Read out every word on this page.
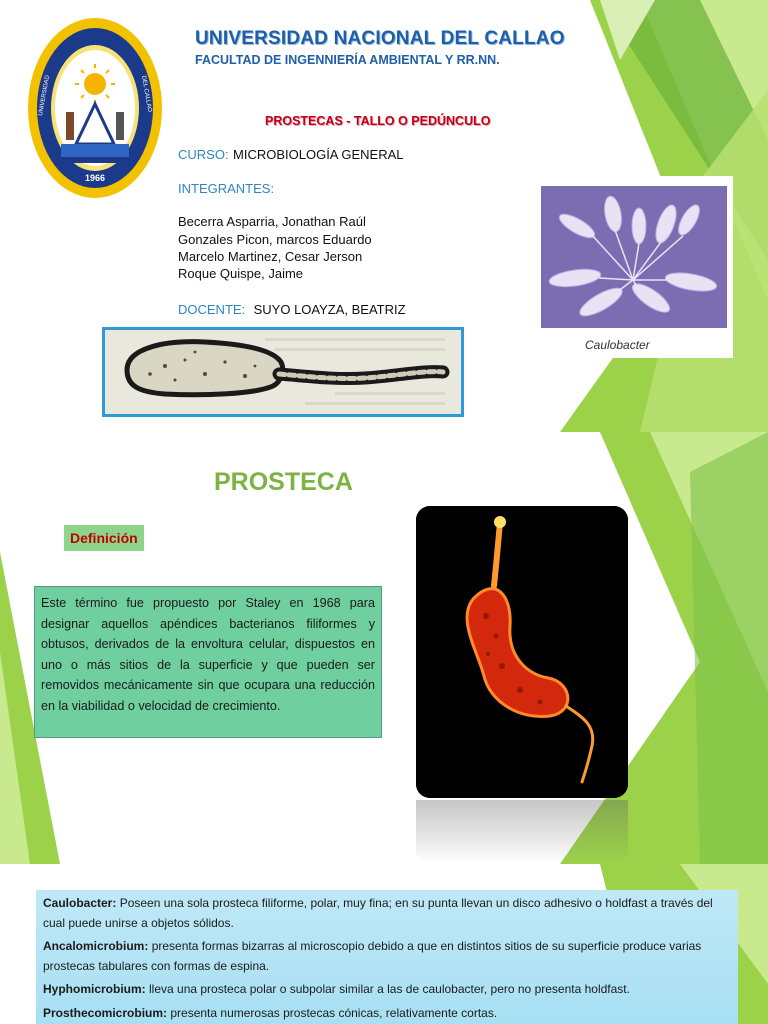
1966
UNIVERSIDAD	DEL CALLAO
UNIVERSIDAD NACIONAL DEL CALLAO
FACULTAD DE INGENNIERÍA AMBIENTAL Y RR.NN.
PROSTECAS - TALLO O PEDÚNCULO
CURSO: MICROBIOLOGÍA GENERAL
INTEGRANTES:
Becerra Asparria, Jonathan Raúl
Gonzales Picon, marcos Eduardo
Marcelo Martinez, Cesar Jerson
Roque Quispe, Jaime
DOCENTE: SUYO LOAYZA, BEATRIZ
Caulobacter
PROSTECA
Definición
Este término fue propuesto por Staley en 1968 para designar aquellos apéndices bacterianos filiformes y obtusos, derivados de la envoltura celular, dispuestos en uno o más sitios de la superficie y que pueden ser removidos mecánicamente sin que ocupara una reducción en la viabilidad o velocidad de crecimiento.

Caulobacter: Poseen una sola prosteca filiforme, polar, muy fina; en su punta llevan un disco adhesivo o holdfast a través del cual puede unirse a objetos sólidos.

Ancalomicrobium: presenta formas bizarras al microscopio debido a que en distintos sitios de su superficie produce varias prostecas tabulares con formas de espina.

Hyphomicrobium: lleva una prosteca polar o subpolar similar a las de caulobacter, pero no presenta holdfast.

Prosthecomicrobium: presenta numerosas prostecas cónicas, relativamente cortas.
